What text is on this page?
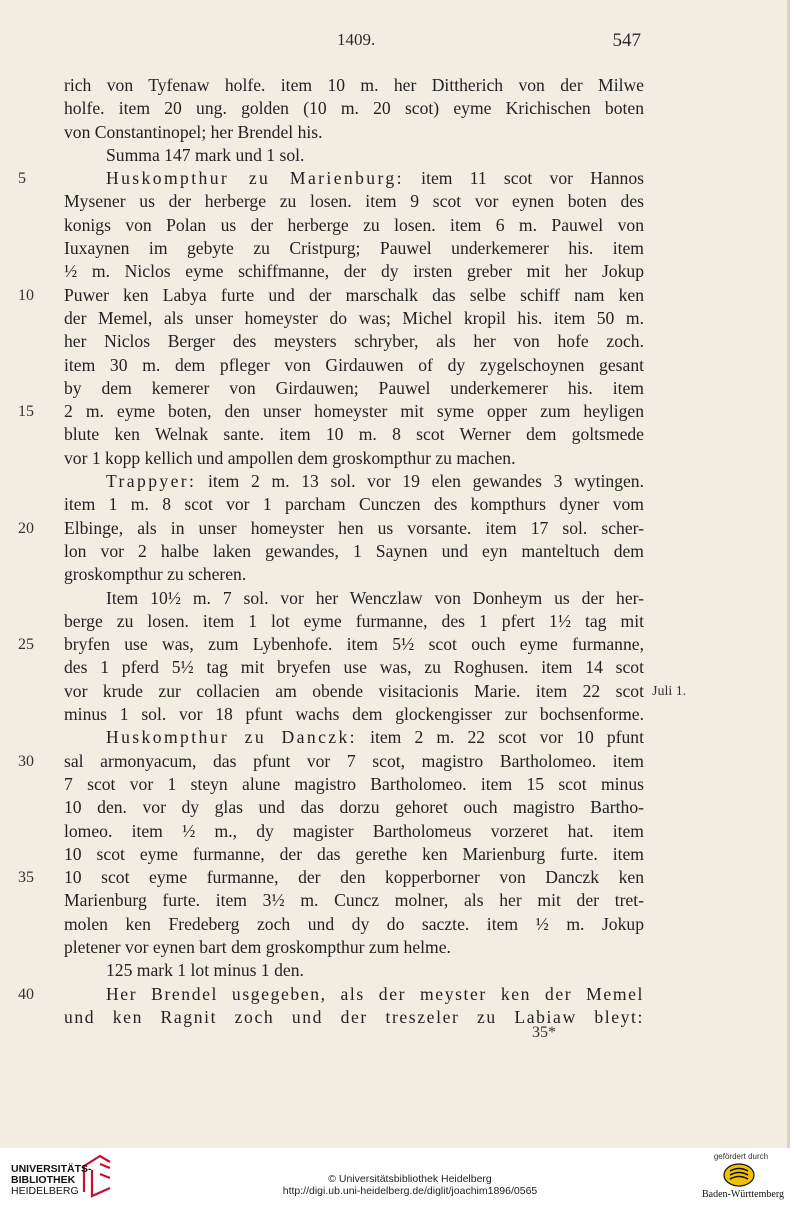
1409.	547
rich von Tyfenaw holfe. item 10 m. her Dittherich von der Milwe
holfe. item 20 ung. golden (10 m. 20 scot) eyme Krichischen boten
von Constantinopel; her Brendel his.
Summa 147 mark und 1 sol.
5	Huskompthur zu Marienburg: item 11 scot vor Hannos
Mysener us der herberge zu losen. item 9 scot vor eynen boten des
konigs von Polan us der herberge zu losen. item 6 m. Pauwel von
Iuxaynen im gebyte zu Cristpurg; Pauwel underkemerer his. item
½ m. Niclos eyme schiffmanne, der dy irsten greber mit her Jokup
10	Puwer ken Labya furte und der marschalk das selbe schiff nam ken
der Memel, als unser homeyster do was; Michel kropil his. item 50 m.
her Niclos Berger des meysters schryber, als her von hofe zoch.
item 30 m. dem pfleger von Girdauwen of dy zygelschoynen gesant
by dem kemerer von Girdauwen; Pauwel underkemerer his. item
15	2 m. eyme boten, den unser homeyster mit syme opper zum heyligen
blute ken Welnak sante. item 10 m. 8 scot Werner dem goltsmede
vor 1 kopp kellich und ampollen dem groskompthur zu machen.
Trappyer: item 2 m. 13 sol. vor 19 elen gewandes 3 wytingen.
item 1 m. 8 scot vor 1 parcham Cunczen des kompthurs dyner vom
20	Elbinge, als in unser homeyster hen us vorsante. item 17 sol. scher-
lon vor 2 halbe laken gewandes, 1 Saynen und eyn manteltuch dem
groskompthur zu scheren.
Item 10½ m. 7 sol. vor her Wenczlaw von Donheym us der her-
berge zu losen. item 1 lot eyme furmanne, des 1 pfert 1½ tag mit
25	bryfen use was, zum Lybenhofe. item 5½ scot ouch eyme furmanne,
des 1 pferd 5½ tag mit bryefen use was, zu Roghusen. item 14 scot
vor krude zur collacien am obende visitacionis Marie. item 22 scot Juli 1.
minus 1 sol. vor 18 pfunt wachs dem glockengisser zur bochsenforme.
Huskompthur zu Danczk: item 2 m. 22 scot vor 10 pfunt
30	sal armonyacum, das pfunt vor 7 scot, magistro Bartholomeo. item
7 scot vor 1 steyn alune magistro Bartholomeo. item 15 scot minus
10 den. vor dy glas und das dorzu gehoret ouch magistro Bartho-
lomeo. item ½ m., dy magister Bartholomeus vorzeret hat. item
10 scot eyme furmanne, der das gerethe ken Marienburg furte. item
35	10 scot eyme furmanne, der den kopperborner von Danczk ken
Marienburg furte. item 3½ m. Cuncz molner, als her mit der tret-
molen ken Fredeberg zoch und dy do saczte. item ½ m. Jokup
pletener vor eynen bart dem groskompthur zum helme.
125 mark 1 lot minus 1 den.
40	Her Brendel usgegeben, als der meyster ken der Memel
und ken Ragnit zoch und der treszeler zu Labiaw bleyt:
35*
UNIVERSITÄTS-
BIBLIOTHEK
HEIDELBERG
© Universitätsbibliothek Heidelberg
http://digi.ub.uni-heidelberg.de/diglit/joachim1896/0565
gefördert durch
Baden-Württemberg
